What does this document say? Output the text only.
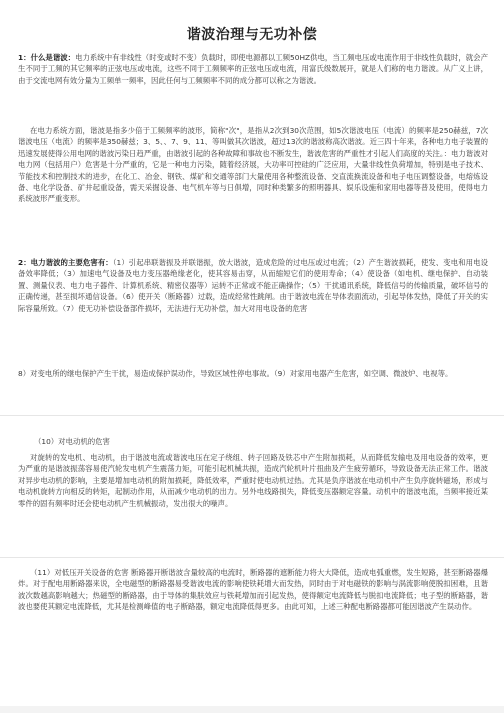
谐波治理与无功补偿

1：什么是谐波：电力系统中有非线性（时变或时不变）负载时，即使电源都以工频50HZ供电，当工频电压或电流作用于非线性负载时，就会产生不同于工频的其它频率的正弦电压或电流，这些不同于工频频率的正弦电压或电流，用富氏级数展开，就是人们称的电力谐波。从广义上讲，由于交流电网有效分量为工频单一频率，因此任何与工频频率不同的成分都可以称之为谐波。

在电力系统方面，谐波是指多少倍于工频频率的波形，简称"次"，是指从2次到30次范围，如5次谐波电压（电流）的频率是250赫兹，7次谐波电压（电流）的频率是350赫兹；3、5、、7、9、11、等叫做其次谐波，超过13次的谐波称高次谐波。近三四十年来，各种电力电子装置的迅速发展使得公用电网的谐波污染日趋严重，由谐波引起的各种故障和事故也不断发生，谐波危害的严重性才引起人们高度的关注。：电力谐波对电力网（包括用户）危害是十分严重的，它是一种电力污染，随着经济展，大功率可控硅的广泛应用，大量非线性负荷增加，特别是电子技术、节能技术和控制技术的进步，在化工、冶金、钢铁、煤矿和交通等部门大量使用各种整流设备、交直流换流设备和电子电压调整设备，电熔炼设备、电化学设备、矿井起重设备，需天采掘设备、电气机车等与日俱增，同时种类繁多的照明器具、娱乐设施和家用电器等普及使用，使得电力系统波形严重变形。

2：电力谐波的主要危害有：（1）引起串联谐振及并联谐振，放大谐波，造成危险的过电压或过电流；（2）产生谐波损耗，使发、变电和用电设备效率降低；（3）加速电气设备及电力变压器绝缘老化，使其容易击穿，从而缩短它们的使用寿命；（4）使设备（如电机、继电保护、自动装置、测量仪表、电力电子器件、计算机系统、精密仪器等）运转不正常或不能正确操作；（5）干扰通讯系统，降低信号的传输质量，破坏信号的正确传递，甚至损坏通信设备。（6）使开关（断路器）过载，造成经常性跳闸。由于谐波电流在导体表面流动，引起导体发热，降低了开关的实际容量所致。（7）使无功补偿设备部件损坏，无法进行无功补偿，加大对用电设备的危害

8）对变电所的继电保护产生干扰，易造成保护误动作，导致区域性停电事故。（9）对家用电器产生危害，如空调、微波炉、电视等。

（10）对电动机的危害

对旋转的发电机、电动机，由于谐波电流或谐波电压在定子绕组、转子回路及铁芯中产生附加损耗，从而降低发输电及用电设备的效率，更为严重的是谐波振荡容易使汽轮发电机产生震荡力矩，可能引起机械共振，造成汽轮机叶片扭曲及产生疲劳循环，导致设备无法正常工作。谐波对异步电动机的影响，主要是增加电动机的附加损耗，降低效率，严重时使电动机过热。尤其是负序谐波在电动机中产生负序旋转磁场，形成与电动机旋转方向相反的转矩，起制动作用，从而减少电动机的出力。另外电线路损失，降低变压器额定容量。动机中的谐波电流，当频率接近某零件的固有频率时还会使电动机产生机械振动，发出很大的噪声。

（11）对低压开关设备的危害 断路器开断谐波含量较高的电流时，断路器的遮断能力将大大降低，造成电弧重燃，发生短路，甚至断路器爆炸。对于配电用断路器来说，全电磁型的断路器易受谐波电流的影响使铁耗增大而发热，同时由于对电磁铁的影响与涡流影响使脱扣困难，且谐波次数越高影响越大；热磁型的断路器，由于导体的集肤效应与铁耗增加而引起发热，使得额定电流降低与脱扣电流降低；电子型的断路器，谐波也要使其额定电流降低，尤其是检测峰值的电子断路器，额定电流降低得更多。由此可知，上述三种配电断路器都可能因谐波产生误动作。
